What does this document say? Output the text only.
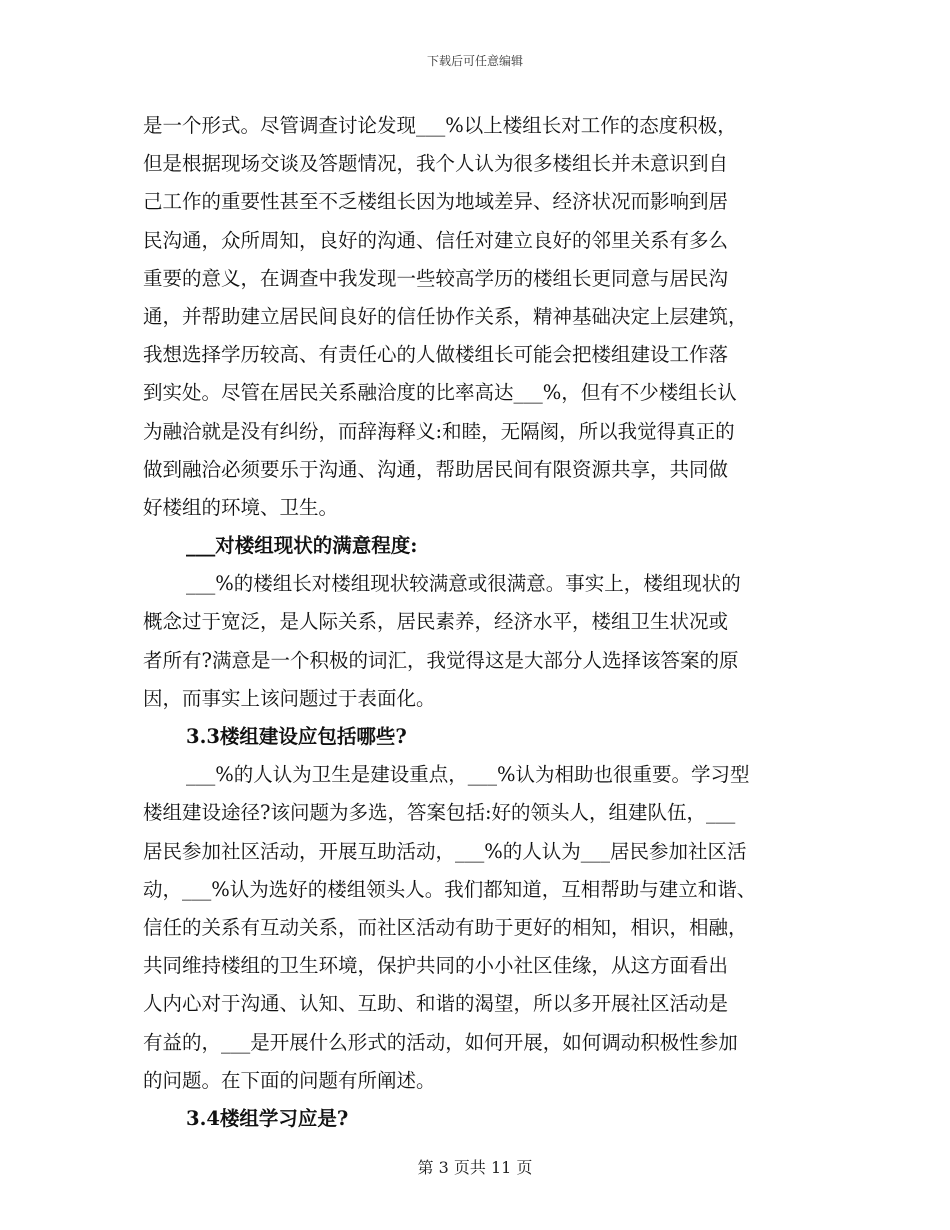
下载后可任意编辑
是一个形式。尽管调查讨论发现___%以上楼组长对工作的态度积极，
但是根据现场交谈及答题情况，我个人认为很多楼组长并未意识到自
己工作的重要性甚至不乏楼组长因为地域差异、经济状况而影响到居
民沟通，众所周知，良好的沟通、信任对建立良好的邻里关系有多么
重要的意义，在调查中我发现一些较高学历的楼组长更同意与居民沟
通，并帮助建立居民间良好的信任协作关系，精神基础决定上层建筑，
我想选择学历较高、有责任心的人做楼组长可能会把楼组建设工作落
到实处。尽管在居民关系融洽度的比率高达___%，但有不少楼组长认
为融洽就是没有纠纷，而辞海释义:和睦，无隔阂，所以我觉得真正的
做到融洽必须要乐于沟通、沟通，帮助居民间有限资源共享，共同做
好楼组的环境、卫生。
___对楼组现状的满意程度:
___%的楼组长对楼组现状较满意或很满意。事实上，楼组现状的
概念过于宽泛，是人际关系，居民素养，经济水平，楼组卫生状况或
者所有?满意是一个积极的词汇，我觉得这是大部分人选择该答案的原
因，而事实上该问题过于表面化。
3.3楼组建设应包括哪些?
___%的人认为卫生是建设重点，___%认为相助也很重要。学习型
楼组建设途径?该问题为多选，答案包括:好的领头人，组建队伍，___
居民参加社区活动，开展互助活动，___%的人认为___居民参加社区活
动，___%认为选好的楼组领头人。我们都知道，互相帮助与建立和谐、
信任的关系有互动关系，而社区活动有助于更好的相知，相识，相融，
共同维持楼组的卫生环境，保护共同的小小社区佳缘，从这方面看出
人内心对于沟通、认知、互助、和谐的渴望，所以多开展社区活动是
有益的，___是开展什么形式的活动，如何开展，如何调动积极性参加
的问题。在下面的问题有所阐述。
3.4楼组学习应是?
第 3 页共 11 页
